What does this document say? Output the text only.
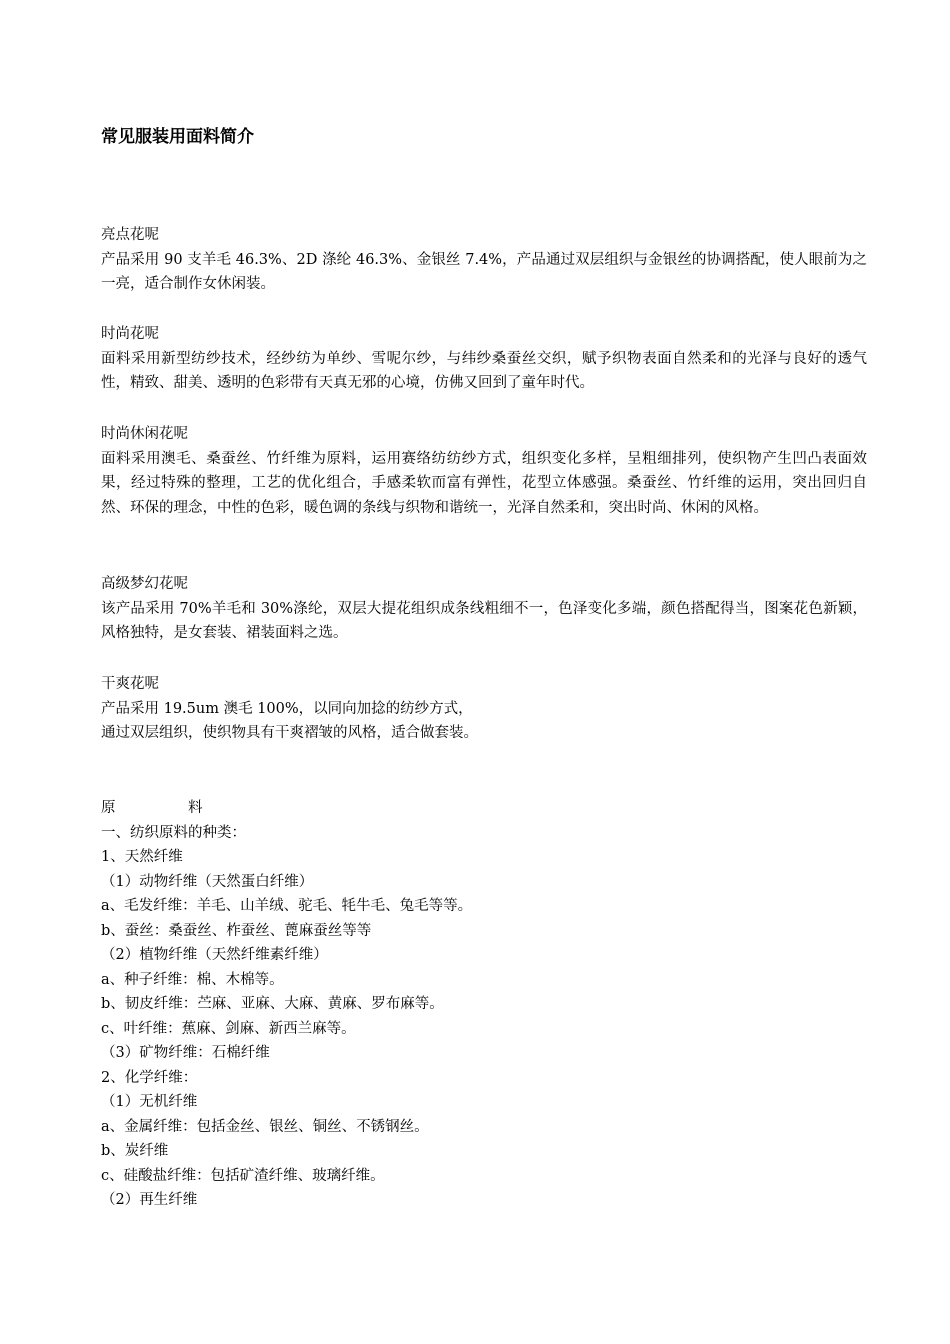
常见服装用面料简介

亮点花呢

产品采用 90 支羊毛 46.3%、2D 涤纶 46.3%、金银丝 7.4%，产品通过双层组织与金银丝的协调搭配，使人眼前为之一亮，适合制作女休闲装。

时尚花呢

面料采用新型纺纱技术，经纱纺为单纱、雪呢尔纱，与纬纱桑蚕丝交织，赋予织物表面自然柔和的光泽与良好的透气性，精致、甜美、透明的色彩带有天真无邪的心境，仿佛又回到了童年时代。

时尚休闲花呢

面料采用澳毛、桑蚕丝、竹纤维为原料，运用赛络纺纺纱方式，组织变化多样，呈粗细排列，使织物产生凹凸表面效果，经过特殊的整理，工艺的优化组合，手感柔软而富有弹性，花型立体感强。桑蚕丝、竹纤维的运用，突出回归自然、环保的理念，中性的色彩，暖色调的条线与织物和谐统一，光泽自然柔和，突出时尚、休闲的风格。

高级梦幻花呢

该产品采用 70%羊毛和 30%涤纶，双层大提花组织成条线粗细不一，色泽变化多端，颜色搭配得当，图案花色新颖，风格独特，是女套装、裙装面料之选。

干爽花呢

产品采用 19.5um 澳毛 100%，以同向加捻的纺纱方式，

通过双层组织，使织物具有干爽褶皱的风格，适合做套装。

原　　　　　料

一、纺织原料的种类：

1、天然纤维

（1）动物纤维（天然蛋白纤维）

a、毛发纤维：羊毛、山羊绒、驼毛、牦牛毛、兔毛等等。

b、蚕丝：桑蚕丝、柞蚕丝、蓖麻蚕丝等等

（2）植物纤维（天然纤维素纤维）

a、种子纤维：棉、木棉等。

b、韧皮纤维：苎麻、亚麻、大麻、黄麻、罗布麻等。

c、叶纤维：蕉麻、剑麻、新西兰麻等。

（3）矿物纤维：石棉纤维

2、化学纤维：

（1）无机纤维

a、金属纤维：包括金丝、银丝、铜丝、不锈钢丝。

b、炭纤维

c、硅酸盐纤维：包括矿渣纤维、玻璃纤维。

（2）再生纤维
